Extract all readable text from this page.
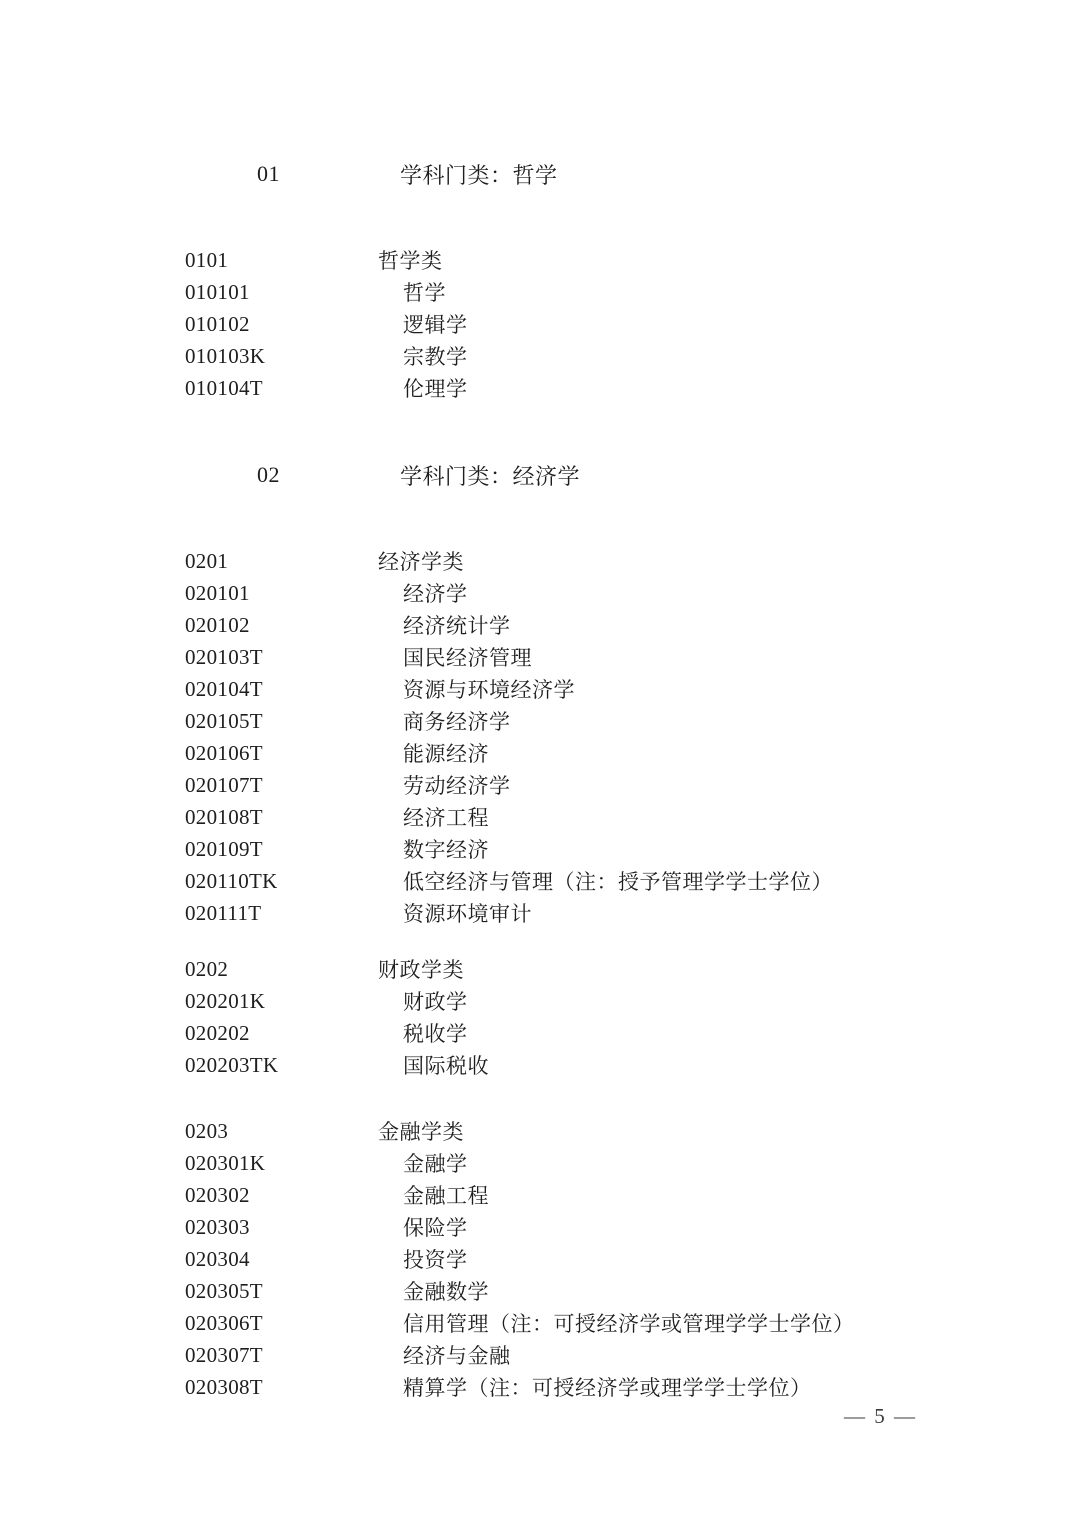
01	学科门类：哲学
0101	哲学类
010101	哲学
010102	逻辑学
010103K	宗教学
010104T	伦理学
02	学科门类：经济学
0201	经济学类
020101	经济学
020102	经济统计学
020103T	国民经济管理
020104T	资源与环境经济学
020105T	商务经济学
020106T	能源经济
020107T	劳动经济学
020108T	经济工程
020109T	数字经济
020110TK	低空经济与管理（注：授予管理学学士学位）
020111T	资源环境审计
0202	财政学类
020201K	财政学
020202	税收学
020203TK	国际税收
0203	金融学类
020301K	金融学
020302	金融工程
020303	保险学
020304	投资学
020305T	金融数学
020306T	信用管理（注：可授经济学或管理学学士学位）
020307T	经济与金融
020308T	精算学（注：可授经济学或理学学士学位）
— 5 —
